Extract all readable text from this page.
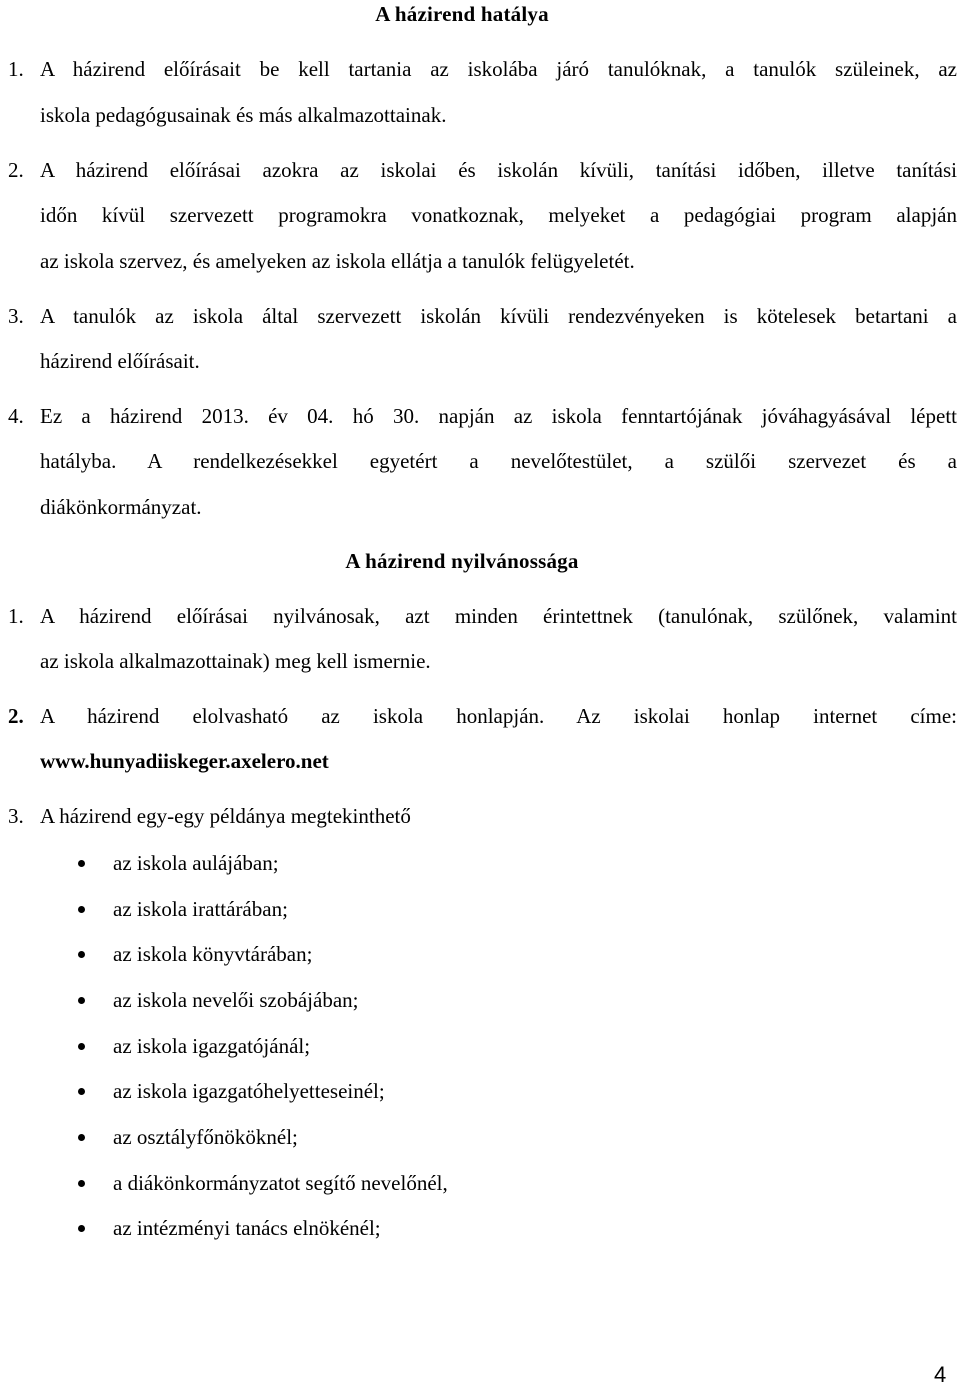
A házirend hatálya
1. A házirend előírásait be kell tartania az iskolába járó tanulóknak, a tanulók szüleinek, az
iskola pedagógusainak és más alkalmazottainak.
2. A házirend előírásai azokra az iskolai és iskolán kívüli, tanítási időben, illetve tanítási
időn kívül szervezett programokra vonatkoznak, melyeket a pedagógiai program alapján
az iskola szervez, és amelyeken az iskola ellátja a tanulók felügyeletét.
3. A tanulók az iskola által szervezett iskolán kívüli rendezvényeken is kötelesek betartani a
házirend előírásait.
4. Ez a házirend 2013. év 04. hó 30. napján az iskola fenntartójának jóváhagyásával lépett
hatályba. A rendelkezésekkel egyetért a nevelőtestület, a szülői szervezet és a
diákönkormányzat.
A házirend nyilvánossága
1. A házirend előírásai nyilvánosak, azt minden érintettnek (tanulónak, szülőnek, valamint
az iskola alkalmazottainak) meg kell ismernie.
2. A házirend elolvasható az iskola honlapján. Az iskolai honlap internet címe:
www.hunyadiiskeger.axelero.net
3. A házirend egy-egy példánya megtekinthető
az iskola aulájában;
az iskola irattárában;
az iskola könyvtárában;
az iskola nevelői szobájában;
az iskola igazgatójánál;
az iskola igazgatóhelyetteseinél;
az osztályfőnököknél;
a diákönkormányzatot segítő nevelőnél,
az intézményi tanács elnökénél;
4
